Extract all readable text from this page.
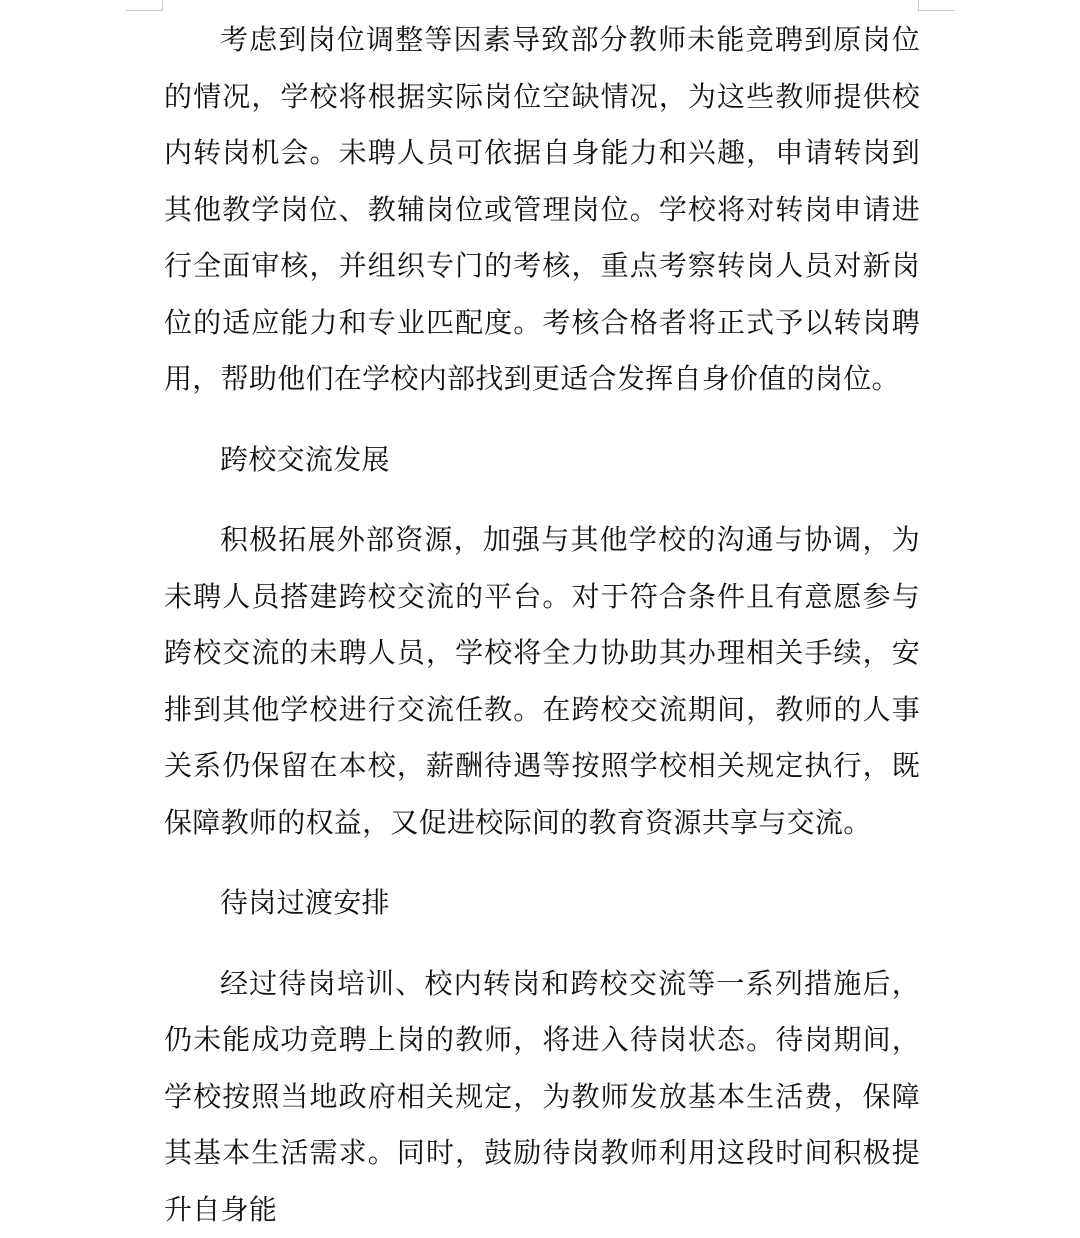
考虑到岗位调整等因素导致部分教师未能竞聘到原岗位的情况，学校将根据实际岗位空缺情况，为这些教师提供校内转岗机会。未聘人员可依据自身能力和兴趣，申请转岗到其他教学岗位、教辅岗位或管理岗位。学校将对转岗申请进行全面审核，并组织专门的考核，重点考察转岗人员对新岗位的适应能力和专业匹配度。考核合格者将正式予以转岗聘用，帮助他们在学校内部找到更适合发挥自身价值的岗位。

跨校交流发展

积极拓展外部资源，加强与其他学校的沟通与协调，为未聘人员搭建跨校交流的平台。对于符合条件且有意愿参与跨校交流的未聘人员，学校将全力协助其办理相关手续，安排到其他学校进行交流任教。在跨校交流期间，教师的人事关系仍保留在本校，薪酬待遇等按照学校相关规定执行，既保障教师的权益，又促进校际间的教育资源共享与交流。

待岗过渡安排

经过待岗培训、校内转岗和跨校交流等一系列措施后，仍未能成功竞聘上岗的教师，将进入待岗状态。待岗期间，学校按照当地政府相关规定，为教师发放基本生活费，保障其基本生活需求。同时，鼓励待岗教师利用这段时间积极提升自身能
